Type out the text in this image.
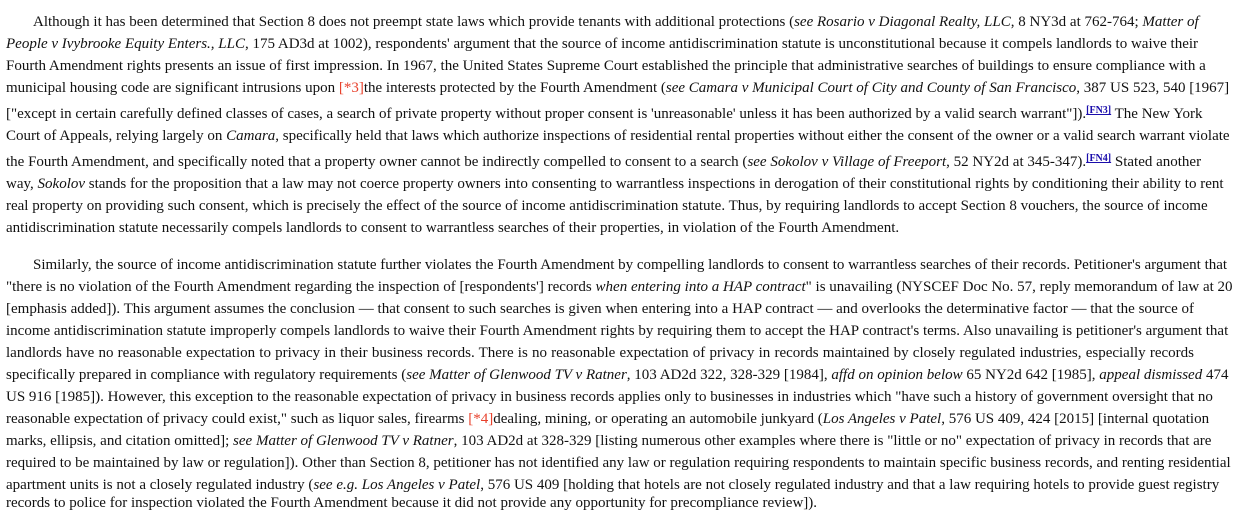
Although it has been determined that Section 8 does not preempt state laws which provide tenants with additional protections (see Rosario v Diagonal Realty, LLC, 8 NY3d at 762-764; Matter of
People v Ivybrooke Equity Enters., LLC, 175 AD3d at 1002), respondents' argument that the source of income antidiscrimination statute is unconstitutional because it compels landlords to waive their
Fourth Amendment rights presents an issue of first impression. In 1967, the United States Supreme Court established the principle that administrative searches of buildings to ensure compliance with a
municipal housing code are significant intrusions upon [*3]the interests protected by the Fourth Amendment (see Camara v Municipal Court of City and County of San Francisco, 387 US 523, 540 [1967]
["except in certain carefully defined classes of cases, a search of private property without proper consent is 'unreasonable' unless it has been authorized by a valid search warrant"]).[FN3] The New York
Court of Appeals, relying largely on Camara, specifically held that laws which authorize inspections of residential rental properties without either the consent of the owner or a valid search warrant violate
the Fourth Amendment, and specifically noted that a property owner cannot be indirectly compelled to consent to a search (see Sokolov v Village of Freeport, 52 NY2d at 345-347).[FN4] Stated another
way, Sokolov stands for the proposition that a law may not coerce property owners into consenting to warrantless inspections in derogation of their constitutional rights by conditioning their ability to rent
real property on providing such consent, which is precisely the effect of the source of income antidiscrimination statute. Thus, by requiring landlords to accept Section 8 vouchers, the source of income
antidiscrimination statute necessarily compels landlords to consent to warrantless searches of their properties, in violation of the Fourth Amendment.
Similarly, the source of income antidiscrimination statute further violates the Fourth Amendment by compelling landlords to consent to warrantless searches of their records. Petitioner's argument that
"there is no violation of the Fourth Amendment regarding the inspection of [respondents'] records when entering into a HAP contract" is unavailing (NYSCEF Doc No. 57, reply memorandum of law at 20
[emphasis added]). This argument assumes the conclusion — that consent to such searches is given when entering into a HAP contract — and overlooks the determinative factor — that the source of
income antidiscrimination statute improperly compels landlords to waive their Fourth Amendment rights by requiring them to accept the HAP contract's terms. Also unavailing is petitioner's argument that
landlords have no reasonable expectation to privacy in their business records. There is no reasonable expectation of privacy in records maintained by closely regulated industries, especially records
specifically prepared in compliance with regulatory requirements (see Matter of Glenwood TV v Ratner, 103 AD2d 322, 328-329 [1984], affd on opinion below 65 NY2d 642 [1985], appeal dismissed 474
US 916 [1985]). However, this exception to the reasonable expectation of privacy in business records applies only to businesses in industries which "have such a history of government oversight that no
reasonable expectation of privacy could exist," such as liquor sales, firearms [*4]dealing, mining, or operating an automobile junkyard (Los Angeles v Patel, 576 US 409, 424 [2015] [internal quotation
marks, ellipsis, and citation omitted]; see Matter of Glenwood TV v Ratner, 103 AD2d at 328-329 [listing numerous other examples where there is "little or no" expectation of privacy in records that are
required to be maintained by law or regulation]). Other than Section 8, petitioner has not identified any law or regulation requiring respondents to maintain specific business records, and renting residential
apartment units is not a closely regulated industry (see e.g. Los Angeles v Patel, 576 US 409 [holding that hotels are not closely regulated industry and that a law requiring hotels to provide guest registry
records to police for inspection violated the Fourth Amendment because it did not provide any opportunity for precompliance review]).
